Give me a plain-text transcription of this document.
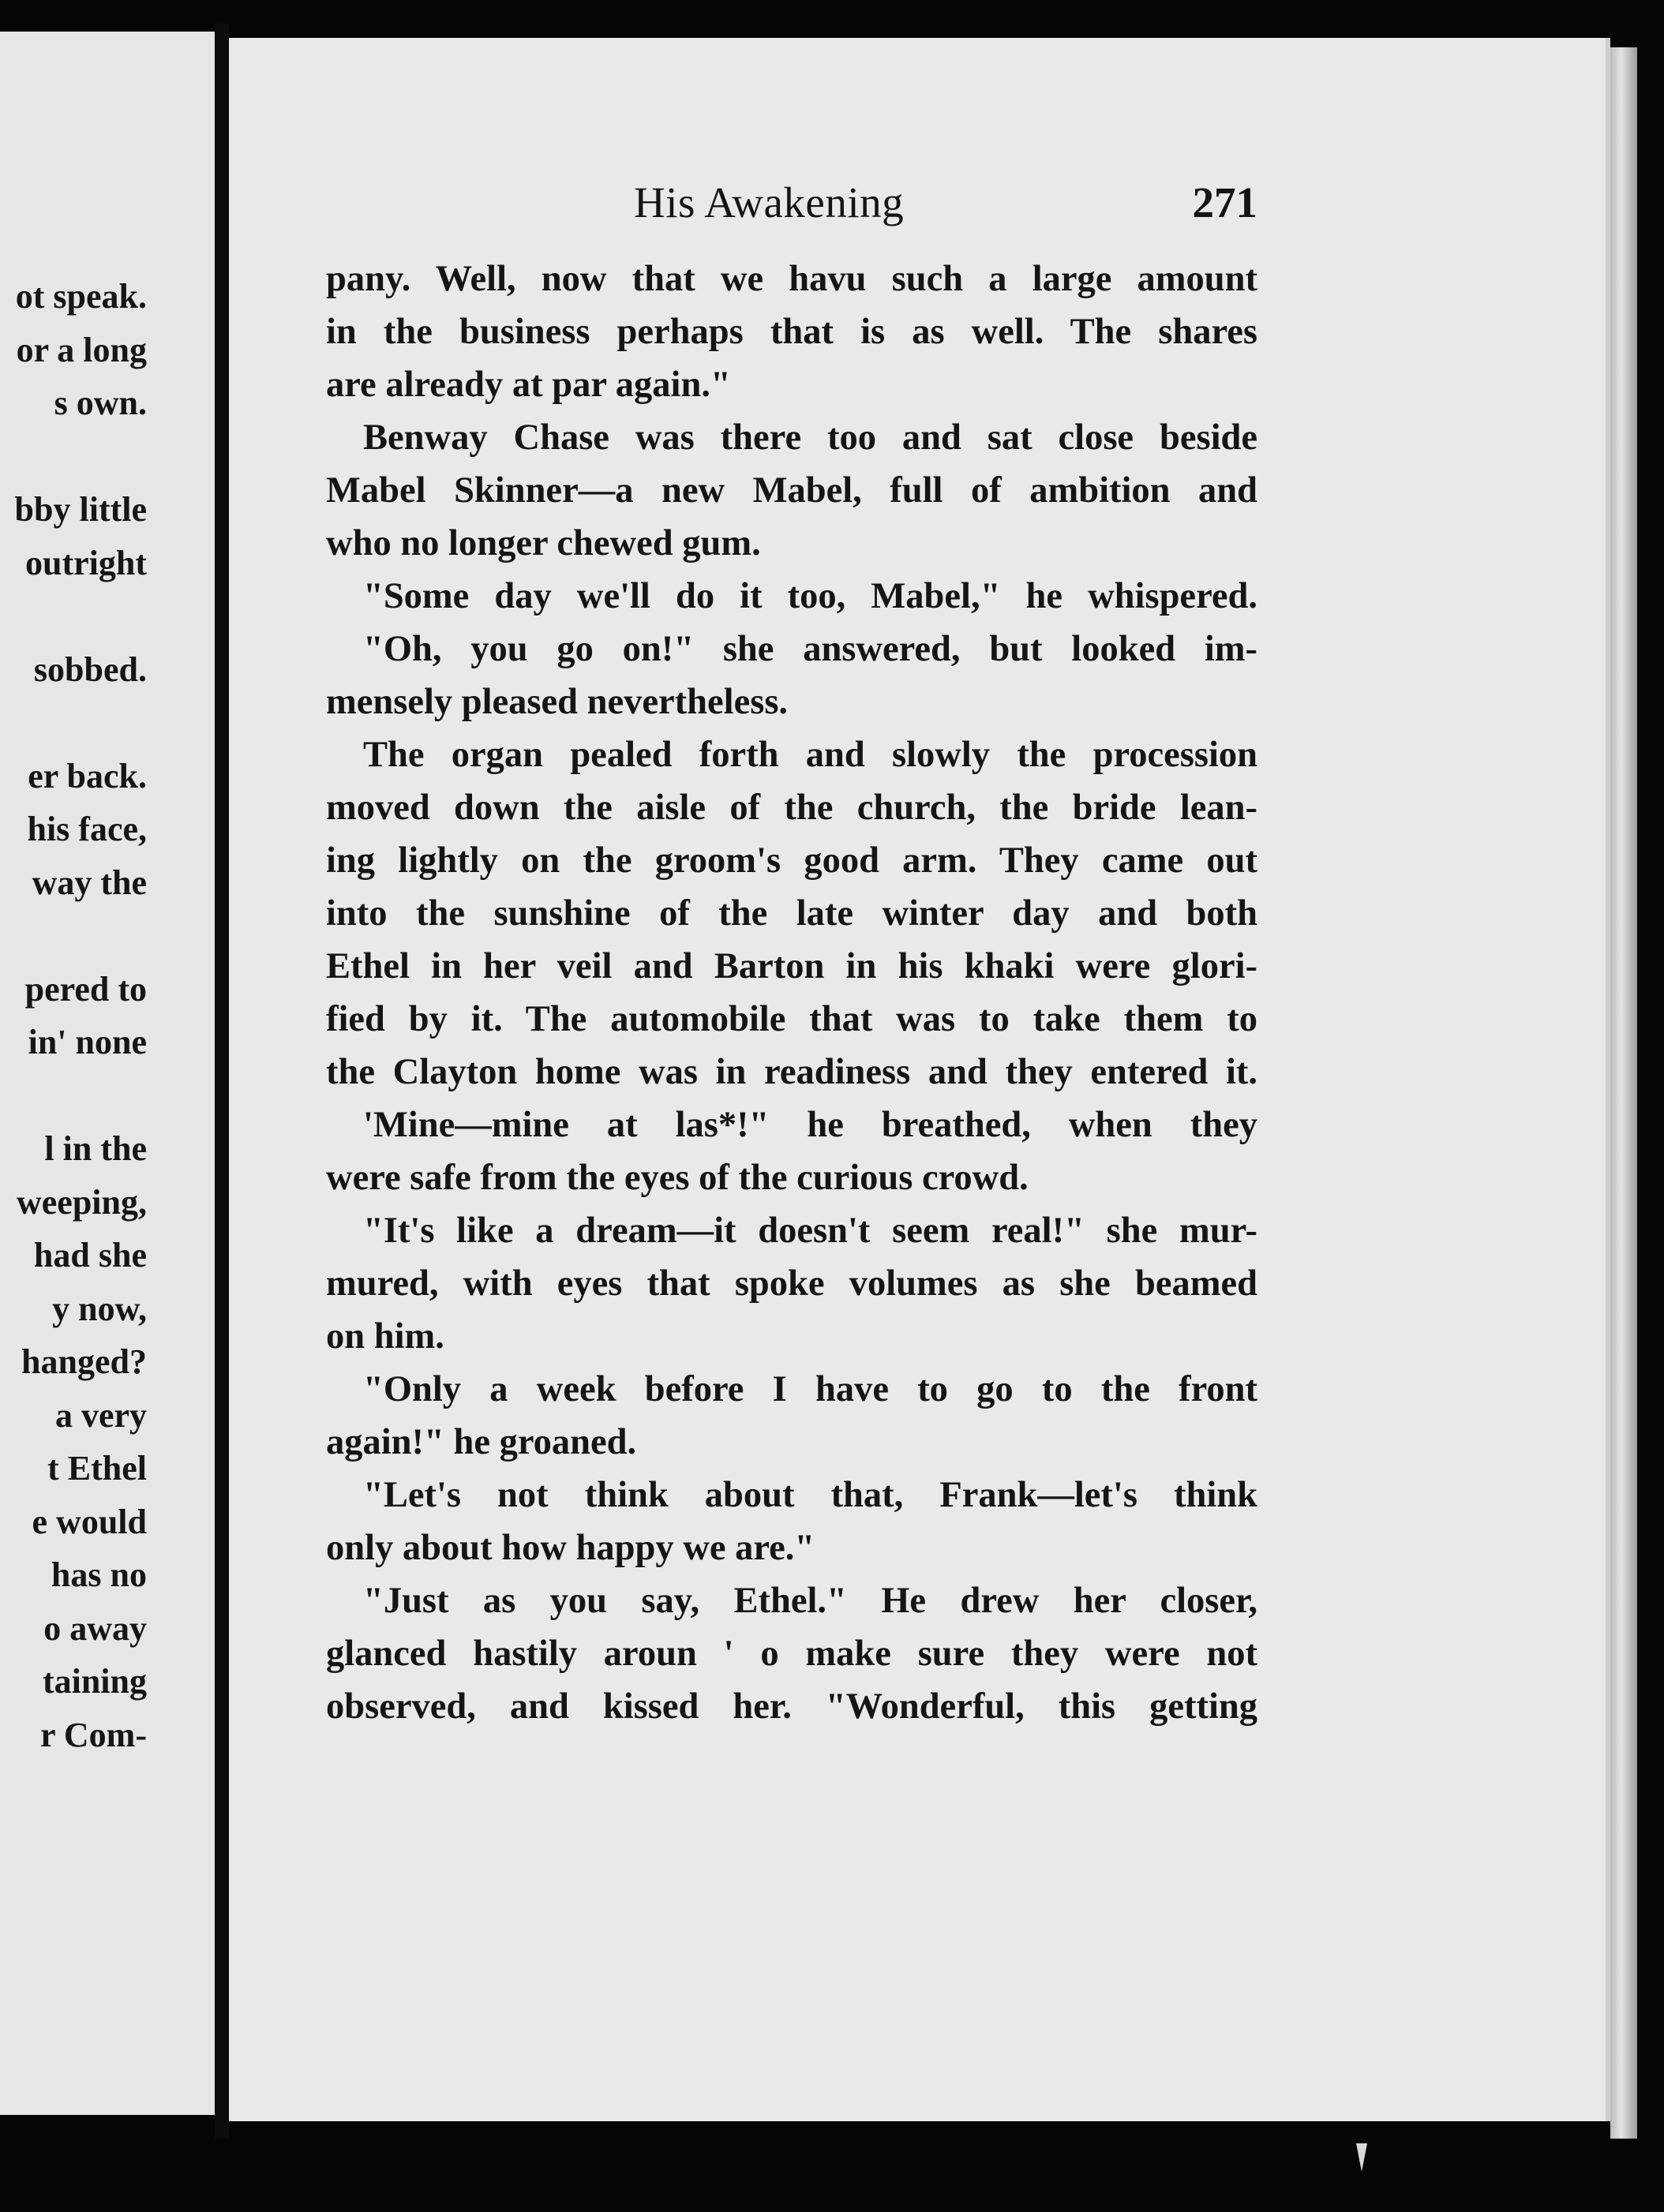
ot speak.
or a long
s own.
bby little
outright
sobbed.
er back.
his face,
way the
pered to
in' none
l in the
weeping,
had she
y now,
hanged?
a very
t Ethel
e would
has no
o away
taining
r Com-
His Awakening	271
pany. Well, now that we havu such a large amount
in the business perhaps that is as well. The shares
are already at par again."
Benway Chase was there too and sat close beside
Mabel Skinner—a new Mabel, full of ambition and
who no longer chewed gum.
"Some day we'll do it too, Mabel," he whispered.
"Oh, you go on!" she answered, but looked im-
mensely pleased nevertheless.
The organ pealed forth and slowly the procession
moved down the aisle of the church, the bride lean-
ing lightly on the groom's good arm. They came out
into the sunshine of the late winter day and both
Ethel in her veil and Barton in his khaki were glori-
fied by it. The automobile that was to take them to
the Clayton home was in readiness and they entered it.
'Mine—mine at las*!" he breathed, when they
were safe from the eyes of the curious crowd.
"It's like a dream—it doesn't seem real!" she mur-
mured, with eyes that spoke volumes as she beamed
on him.
"Only a week before I have to go to the front
again!" he groaned.
"Let's not think about that, Frank—let's think
only about how happy we are."
"Just as you say, Ethel." He drew her closer,
glanced hastily aroun ' o make sure they were not
observed, and kissed her. "Wonderful, this getting
